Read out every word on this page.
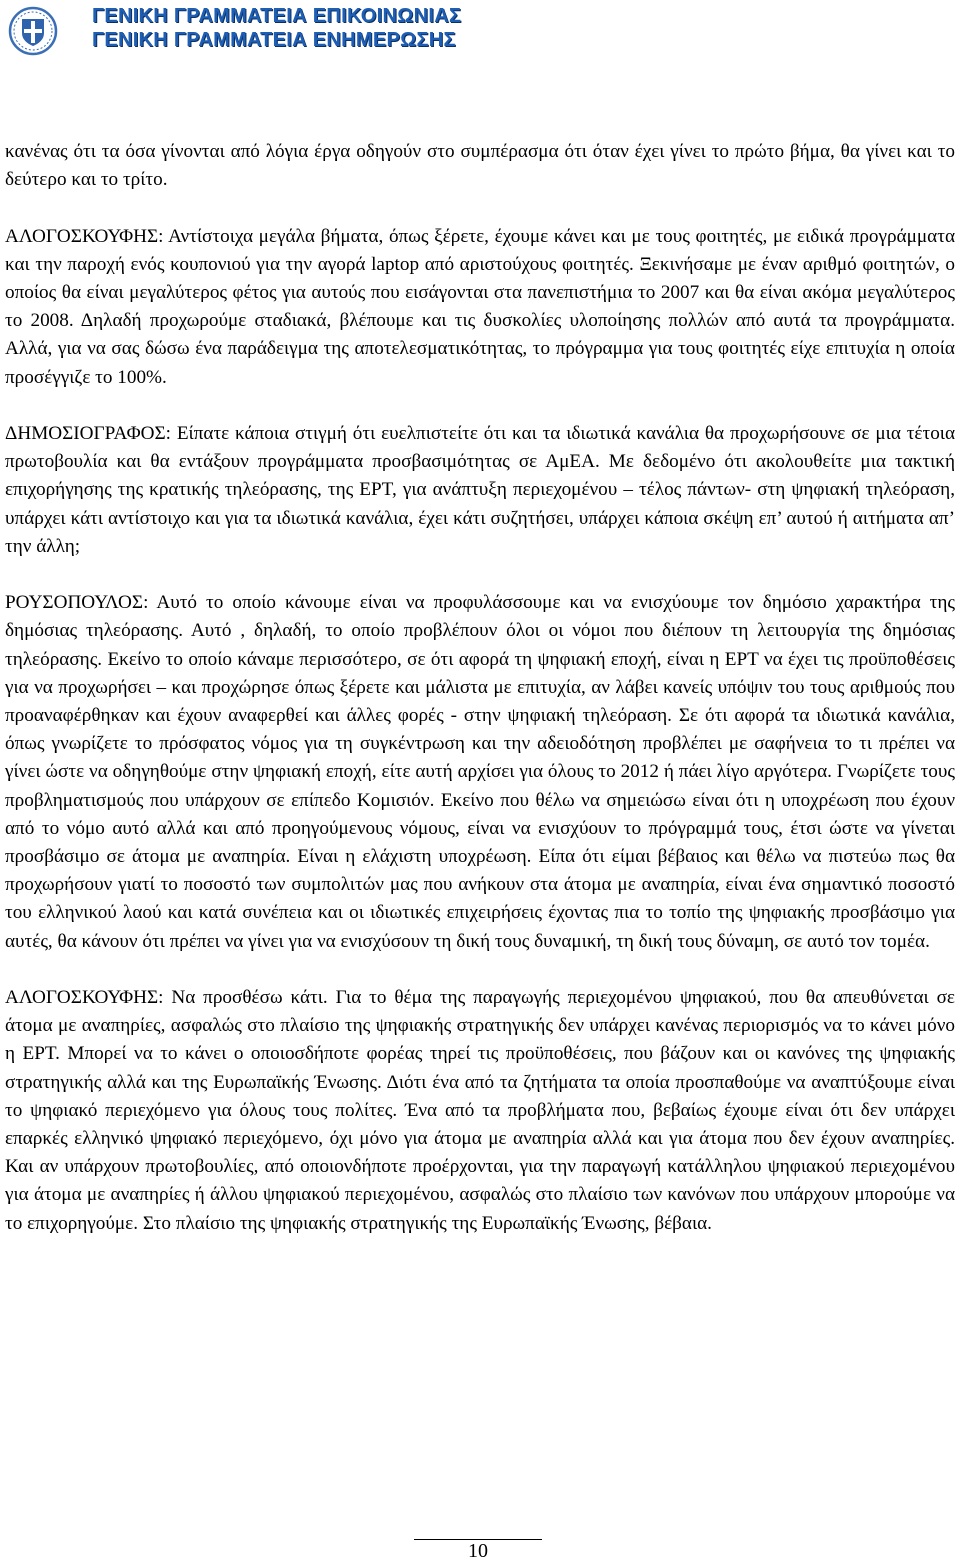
ΓΕΝΙΚΗ ΓΡΑΜΜΑΤΕΙΑ ΕΠΙΚΟΙΝΩΝΙΑΣ
ΓΕΝΙΚΗ ΓΡΑΜΜΑΤΕΙΑ ΕΝΗΜΕΡΩΣΗΣ

κανένας ότι τα όσα γίνονται από λόγια έργα οδηγούν στο συμπέρασμα ότι όταν έχει γίνει το πρώτο βήμα, θα γίνει και το δεύτερο και το τρίτο.

ΑΛΟΓΟΣΚΟΥΦΗΣ: Αντίστοιχα μεγάλα βήματα, όπως ξέρετε, έχουμε κάνει και με τους φοιτητές, με ειδικά προγράμματα και την παροχή ενός κουπονιού για την αγορά laptop από αριστούχους φοιτητές. Ξεκινήσαμε με έναν αριθμό φοιτητών, ο οποίος θα είναι μεγαλύτερος φέτος για αυτούς που εισάγονται στα πανεπιστήμια το 2007 και θα είναι ακόμα μεγαλύτερος το 2008. Δηλαδή προχωρούμε σταδιακά, βλέπουμε και τις δυσκολίες υλοποίησης πολλών από αυτά τα προγράμματα. Αλλά, για να σας δώσω ένα παράδειγμα της αποτελεσματικότητας, το πρόγραμμα για τους φοιτητές είχε επιτυχία η οποία προσέγγιζε το 100%.

ΔΗΜΟΣΙΟΓΡΑΦΟΣ: Είπατε κάποια στιγμή ότι ευελπιστείτε ότι και τα ιδιωτικά κανάλια θα προχωρήσουνε σε μια τέτοια πρωτοβουλία και θα εντάξουν προγράμματα προσβασιμότητας σε ΑμΕΑ. Με δεδομένο ότι ακολουθείτε μια τακτική επιχορήγησης της κρατικής τηλεόρασης, της ΕΡΤ, για ανάπτυξη περιεχομένου – τέλος πάντων- στη ψηφιακή τηλεόραση, υπάρχει κάτι αντίστοιχο και για τα ιδιωτικά κανάλια, έχει κάτι συζητήσει, υπάρχει κάποια σκέψη επ’ αυτού ή αιτήματα απ’ την άλλη;

ΡΟΥΣΟΠΟΥΛΟΣ: Αυτό το οποίο κάνουμε είναι να προφυλάσσουμε και να ενισχύουμε τον δημόσιο χαρακτήρα της δημόσιας τηλεόρασης. Αυτό , δηλαδή, το οποίο προβλέπουν όλοι οι νόμοι που διέπουν τη λειτουργία της δημόσιας τηλεόρασης. Εκείνο το οποίο κάναμε περισσότερο, σε ότι αφορά τη ψηφιακή εποχή, είναι η ΕΡΤ να έχει τις προϋποθέσεις για να προχωρήσει – και προχώρησε όπως ξέρετε και μάλιστα με επιτυχία, αν λάβει κανείς υπόψιν του τους αριθμούς που προαναφέρθηκαν και έχουν αναφερθεί και άλλες φορές - στην ψηφιακή τηλεόραση. Σε ότι αφορά τα ιδιωτικά κανάλια, όπως γνωρίζετε το πρόσφατος νόμος για τη συγκέντρωση και την αδειοδότηση προβλέπει με σαφήνεια το τι πρέπει να γίνει ώστε να οδηγηθούμε στην ψηφιακή εποχή, είτε αυτή αρχίσει για όλους το 2012 ή πάει λίγο αργότερα. Γνωρίζετε τους προβληματισμούς που υπάρχουν σε επίπεδο Κομισιόν. Εκείνο που θέλω να σημειώσω είναι ότι η υποχρέωση που έχουν από το νόμο αυτό αλλά και από προηγούμενους νόμους, είναι να ενισχύουν το πρόγραμμά τους, έτσι ώστε να γίνεται προσβάσιμο σε άτομα με αναπηρία. Είναι η ελάχιστη υποχρέωση. Είπα ότι είμαι βέβαιος και θέλω να πιστεύω πως θα προχωρήσουν γιατί το ποσοστό των συμπολιτών μας που ανήκουν στα άτομα με αναπηρία, είναι ένα σημαντικό ποσοστό του ελληνικού λαού και κατά συνέπεια και οι ιδιωτικές επιχειρήσεις έχοντας πια το τοπίο της ψηφιακής προσβάσιμο για αυτές, θα κάνουν ότι πρέπει να γίνει για να ενισχύσουν τη δική τους δυναμική, τη δική τους δύναμη, σε αυτό τον τομέα.

ΑΛΟΓΟΣΚΟΥΦΗΣ: Να προσθέσω κάτι. Για το θέμα της παραγωγής περιεχομένου ψηφιακού, που θα απευθύνεται σε άτομα με αναπηρίες, ασφαλώς στο πλαίσιο της ψηφιακής στρατηγικής δεν υπάρχει κανένας περιορισμός να το κάνει μόνο η ΕΡΤ. Μπορεί να το κάνει ο οποιοσδήποτε φορέας τηρεί τις προϋποθέσεις, που βάζουν και οι κανόνες της ψηφιακής στρατηγικής αλλά και της Ευρωπαϊκής Ένωσης. Διότι ένα από τα ζητήματα τα οποία προσπαθούμε να αναπτύξουμε είναι το ψηφιακό περιεχόμενο για όλους τους πολίτες. Ένα από τα προβλήματα που, βεβαίως έχουμε είναι ότι δεν υπάρχει επαρκές ελληνικό ψηφιακό περιεχόμενο, όχι μόνο για άτομα με αναπηρία αλλά και για άτομα που δεν έχουν αναπηρίες. Και αν υπάρχουν πρωτοβουλίες, από οποιονδήποτε προέρχονται, για την παραγωγή κατάλληλου ψηφιακού περιεχομένου για άτομα με αναπηρίες ή άλλου ψηφιακού περιεχομένου, ασφαλώς στο πλαίσιο των κανόνων που υπάρχουν μπορούμε να το επιχορηγούμε. Στο πλαίσιο της ψηφιακής στρατηγικής της Ευρωπαϊκής Ένωσης, βέβαια.

10
